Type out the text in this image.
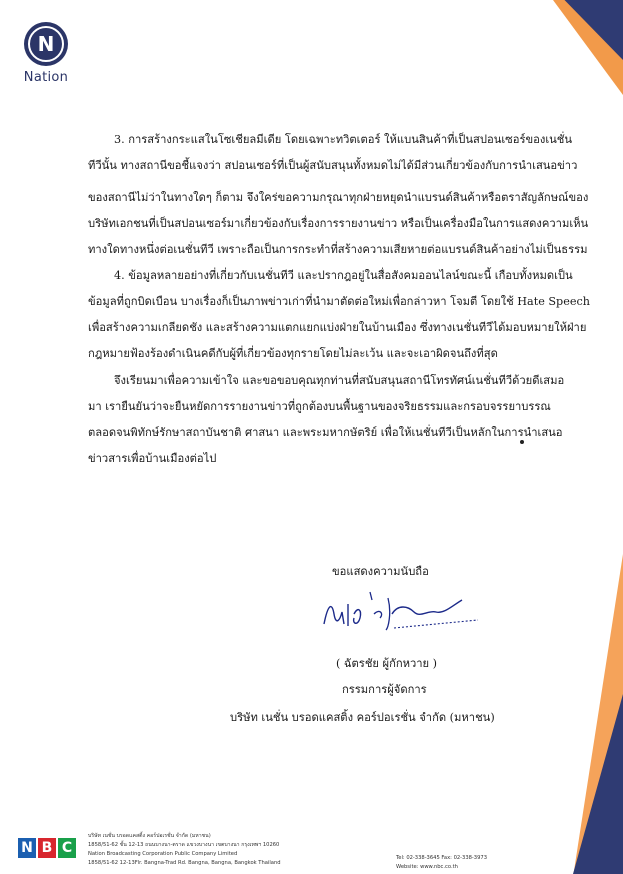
N
Nation
3. การสร้างกระแสในโซเชียลมีเดีย โดยเฉพาะทวิตเตอร์ ให้แบนสินค้าที่เป็นสปอนเซอร์ของเนชั่น
ทีวีนั้น ทางสถานีขอชี้แจงว่า สปอนเซอร์ที่เป็นผู้สนับสนุนทั้งหมดไม่ได้มีส่วนเกี่ยวข้องกับการนำเสนอข่าว
ของสถานีไม่ว่าในทางใดๆ ก็ตาม จึงใคร่ขอความกรุณาทุกฝ่ายหยุดนำแบรนด์สินค้าหรือตราสัญลักษณ์ของ
บริษัทเอกชนที่เป็นสปอนเซอร์มาเกี่ยวข้องกับเรื่องการรายงานข่าว หรือเป็นเครื่องมือในการแสดงความเห็น
ทางใดทางหนึ่งต่อเนชั่นทีวี เพราะถือเป็นการกระทำที่สร้างความเสียหายต่อแบรนด์สินค้าอย่างไม่เป็นธรรม
4. ข้อมูลหลายอย่างที่เกี่ยวกับเนชั่นทีวี และปรากฎอยู่ในสื่อสังคมออนไลน์ขณะนี้ เกือบทั้งหมดเป็น
ข้อมูลที่ถูกบิดเบือน บางเรื่องก็เป็นภาพข่าวเก่าที่นำมาตัดต่อใหม่เพื่อกล่าวหา โจมตี โดยใช้ Hate Speech
เพื่อสร้างความเกลียดชัง และสร้างความแตกแยกแบ่งฝ่ายในบ้านเมือง ซึ่งทางเนชั่นทีวีได้มอบหมายให้ฝ่าย
กฎหมายฟ้องร้องดำเนินคดีกับผู้ที่เกี่ยวข้องทุกรายโดยไม่ละเว้น และจะเอาผิดจนถึงที่สุด
จึงเรียนมาเพื่อความเข้าใจ และขอขอบคุณทุกท่านที่สนับสนุนสถานีโทรทัศน์เนชั่นทีวีด้วยดีเสมอ
มา เรายืนยันว่าจะยืนหยัดการรายงานข่าวที่ถูกต้องบนพื้นฐานของจริยธรรมและกรอบจรรยาบรรณ
ตลอดจนพิทักษ์รักษาสถาบันชาติ ศาสนา และพระมหากษัตริย์ เพื่อให้เนชั่นทีวีเป็นหลักในการนำเสนอ
ข่าวสารเพื่อบ้านเมืองต่อไป
ขอแสดงความนับถือ
( ฉัตรชัย ผู้กักหวาย )
กรรมการผู้จัดการ
บริษัท เนชั่น บรอดแคสติ้ง คอร์ปอเรชั่น จำกัด (มหาชน)
N B C
บริษัท เนชั่น บรอดแคสติ้ง คอร์ปอเรชั่น จำกัด (มหาชน)
1858/51-62 ชั้น 12-13 ถนนบางนา-ตราด แขวงบางนา เขตบางนา กรุงเทพฯ 10260
Nation Broadcasting Corporation Public Company Limited
1858/51-62 12-13Flr. Bangna-Trad Rd. Bangna, Bangna, Bangkok Thailand
Tel: 02-338-3645 Fax: 02-338-3973
Website: www.nbc.co.th
